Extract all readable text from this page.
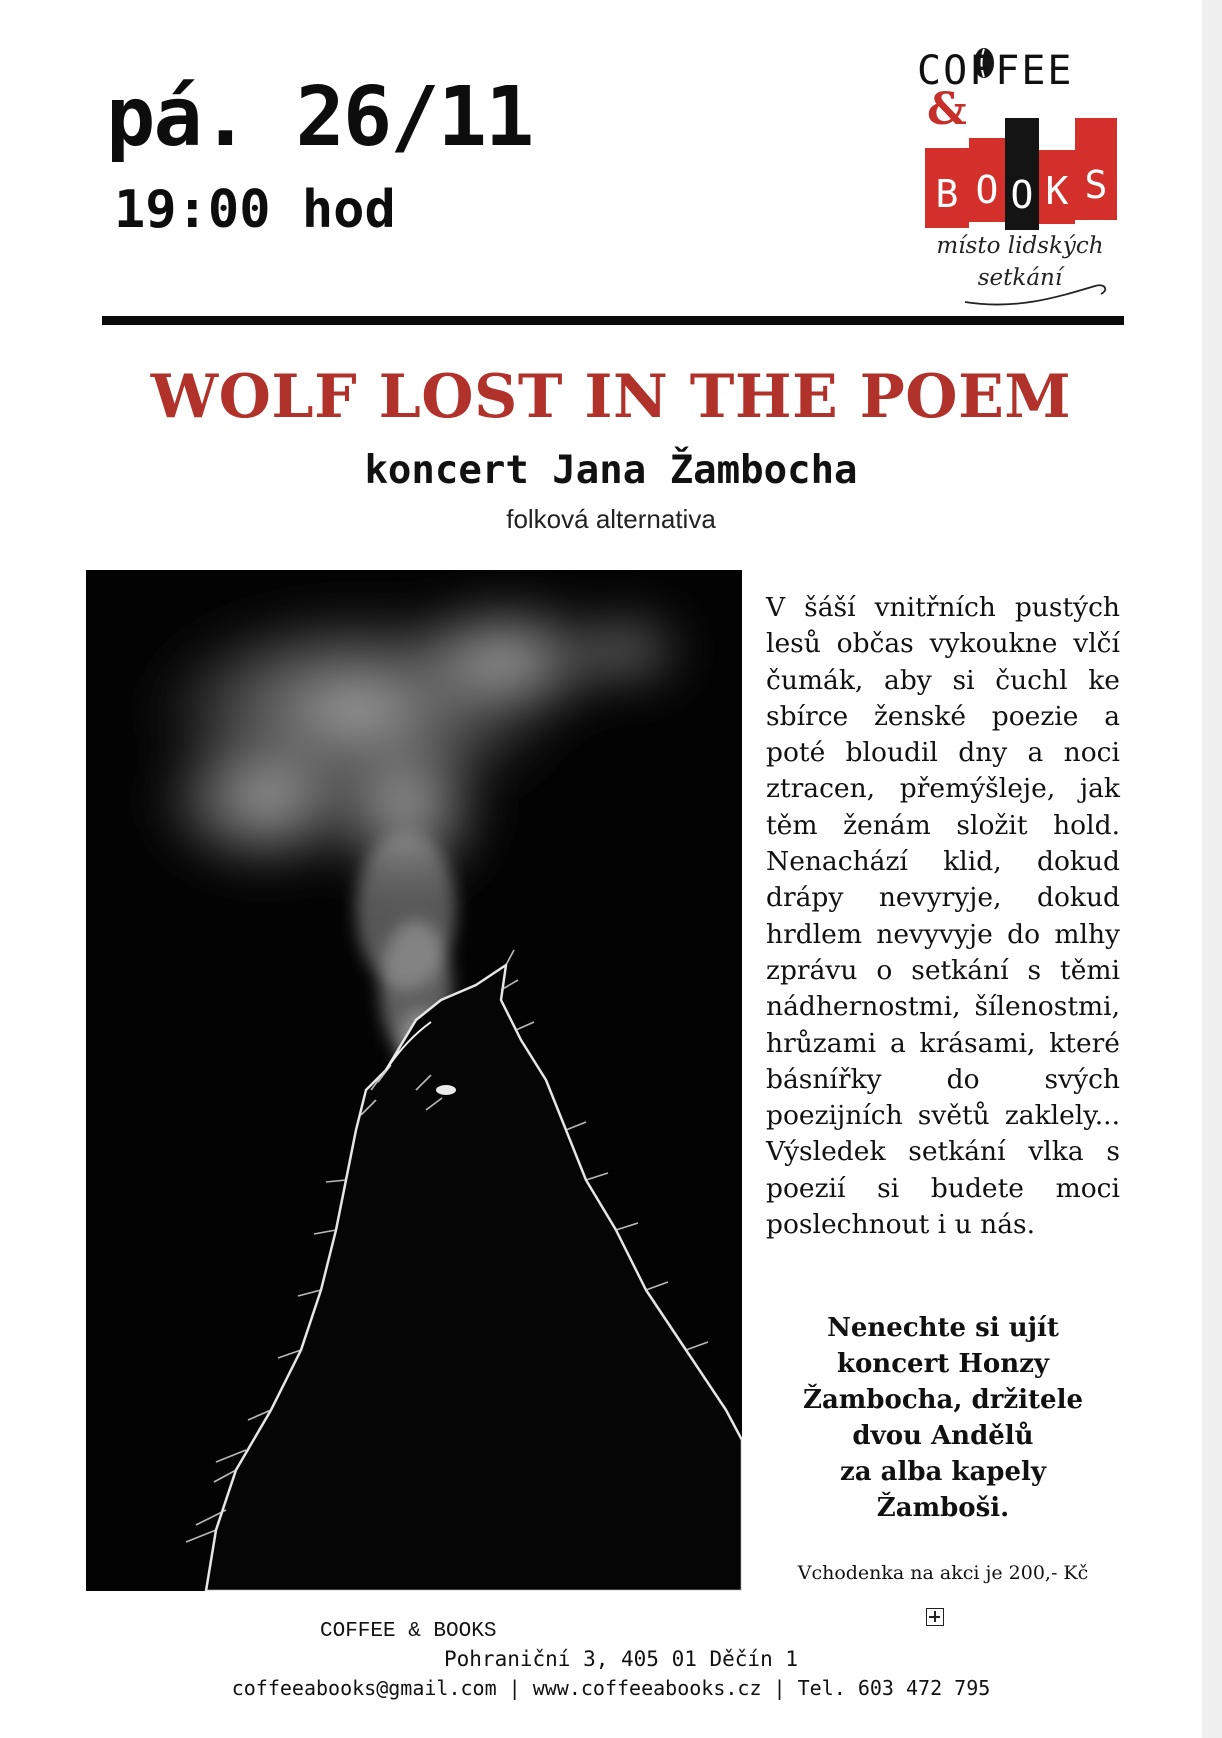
pá. 26/11
19:00 hod	B O O K S
COFFEE
&
místo lidských
setkání
WOLF LOST IN THE POEM
koncert Jana Žambocha
folková alternativa
V šáší vnitřních pustých lesů občas vykoukne vlčí čumák, aby si čuchl ke sbírce ženské poezie a poté bloudil dny a noci ztracen, přemýšleje, jak těm ženám složit hold. Nenachází klid, dokud drápy nevyryje, dokud hrdlem nevyvyje do mlhy zprávu o setkání s těmi nádhernostmi, šílenostmi, hrůzami a krásami, které básnířky do svých poezijních světů zaklely... Výsledek setkání vlka s poezií si budete moci poslechnout i u nás.
Nenechte si ujít
koncert Honzy
Žambocha, držitele
dvou Andělů
za alba kapely
Žamboši.
Vchodenka na akci je 200,- Kč
COFFEE & BOOKS
Pohraniční 3, 405 01 Děčín 1
coffeeabooks@gmail.com | www.coffeeabooks.cz | Tel. 603 472 795
